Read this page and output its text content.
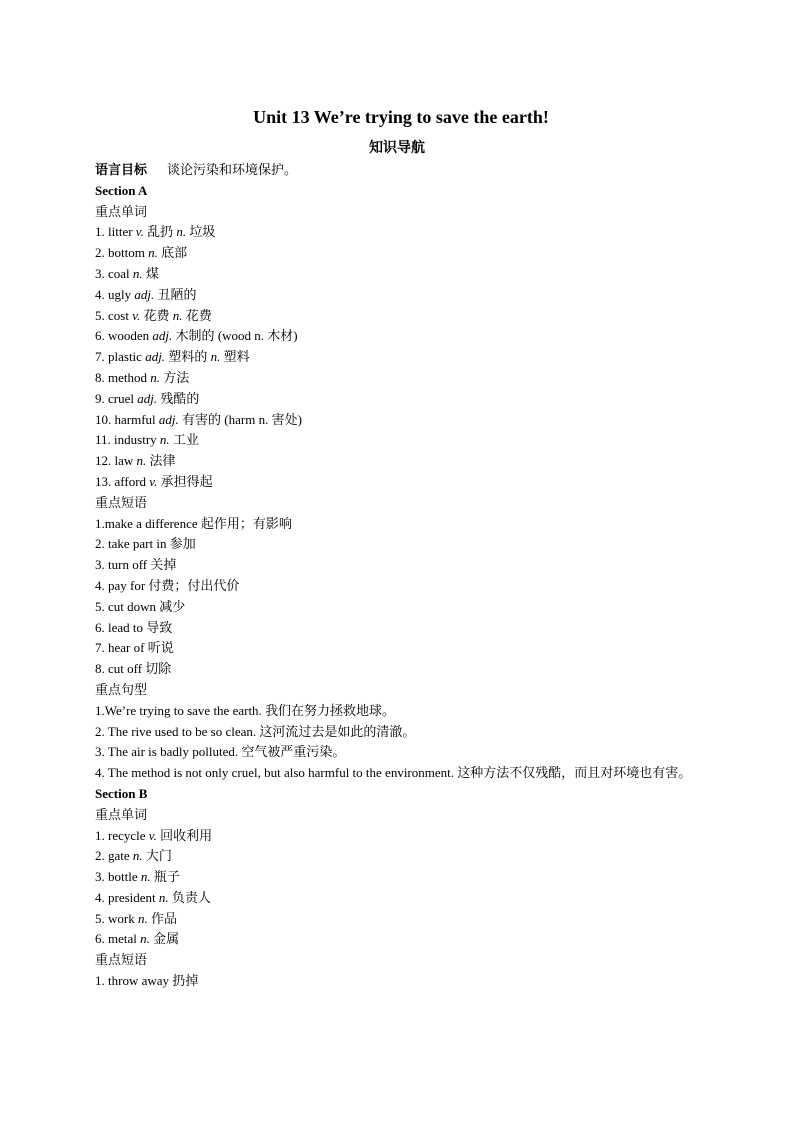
Unit 13 We’re trying to save the earth!
知识导航
语言目标 谈论污染和环境保护。
Section A
重点单词
1. litter v. 乱扔 n. 垃圾
2. bottom n. 底部
3. coal n. 煤
4. ugly adj. 丑陋的
5. cost v. 花费 n. 花费
6. wooden adj. 木制的 (wood n. 木材)
7. plastic adj. 塑料的 n. 塑料
8. method n. 方法
9. cruel adj. 残酷的
10. harmful adj. 有害的 (harm n. 害处)
11. industry n. 工业
12. law n. 法律
13. afford v. 承担得起
重点短语
1.make a difference 起作用；有影响
2. take part in 参加
3. turn off 关掉
4. pay for 付费；付出代价
5. cut down 减少
6. lead to 导致
7. hear of 听说
8. cut off 切除
重点句型
1.We’re trying to save the earth. 我们在努力拯救地球。
2. The rive used to be so clean. 这河流过去是如此的清澈。
3. The air is badly polluted. 空气被严重污染。
4. The method is not only cruel, but also harmful to the environment. 这种方法不仅残酷，而且对环境也有害。
Section B
重点单词
1. recycle v. 回收利用
2. gate n. 大门
3. bottle n. 瓶子
4. president n. 负责人
5. work n. 作品
6. metal n. 金属
重点短语
1. throw away 扔掉
